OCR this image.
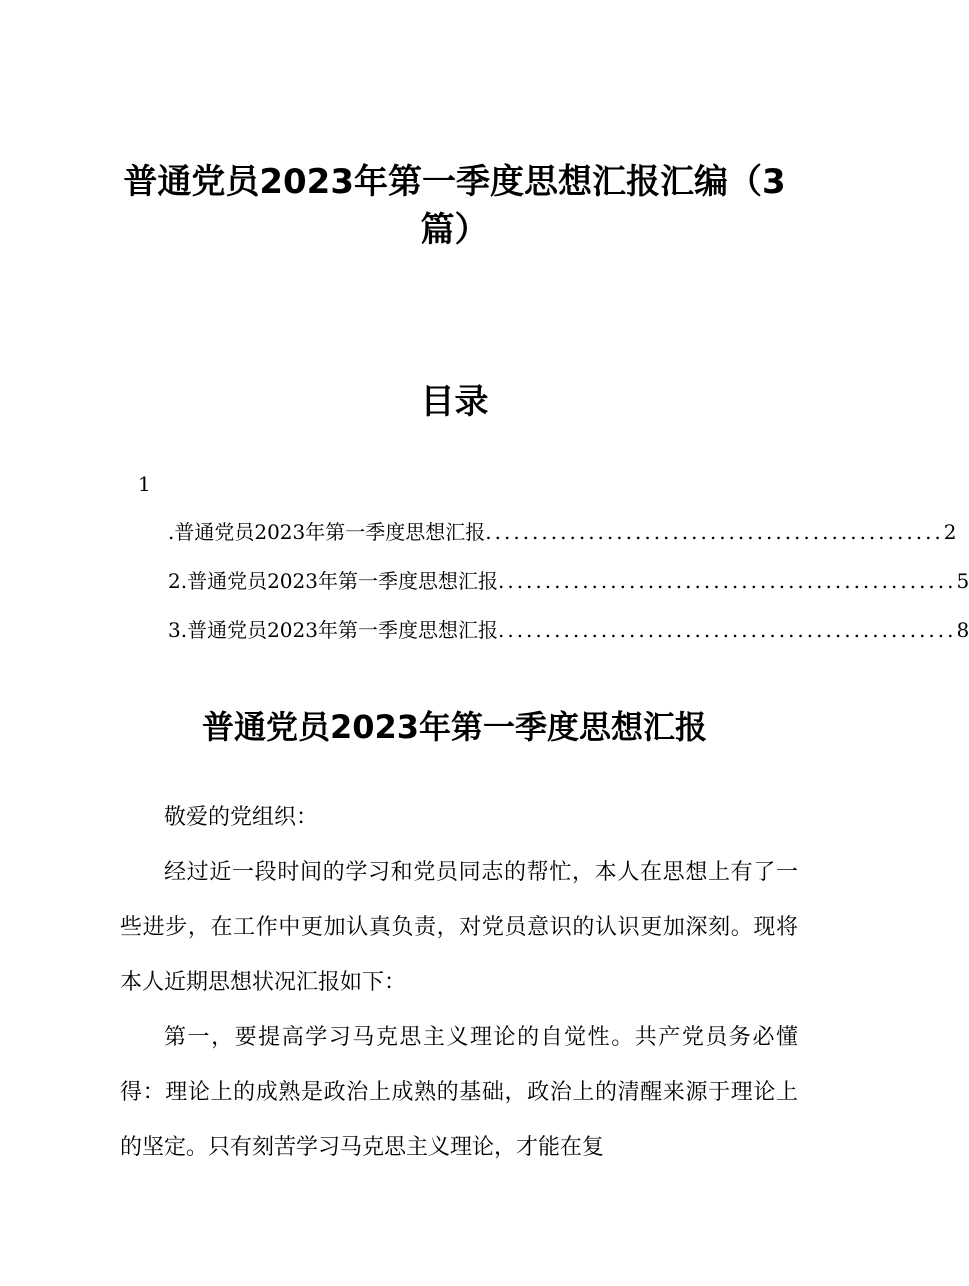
普通党员2023年第一季度思想汇报汇编（3篇）
目录
1
.普通党员2023年第一季度思想汇报 ................................................. 2
2.普通党员2023年第一季度思想汇报 ................................................. 5
3.普通党员2023年第一季度思想汇报 ................................................. 8
普通党员2023年第一季度思想汇报

敬爱的党组织：

经过近一段时间的学习和党员同志的帮忙，本人在思想上有了一些进步，在工作中更加认真负责，对党员意识的认识更加深刻。现将本人近期思想状况汇报如下：

第一，要提高学习马克思主义理论的自觉性。共产党员务必懂得：理论上的成熟是政治上成熟的基础，政治上的清醒来源于理论上的坚定。只有刻苦学习马克思主义理论，才能在复
